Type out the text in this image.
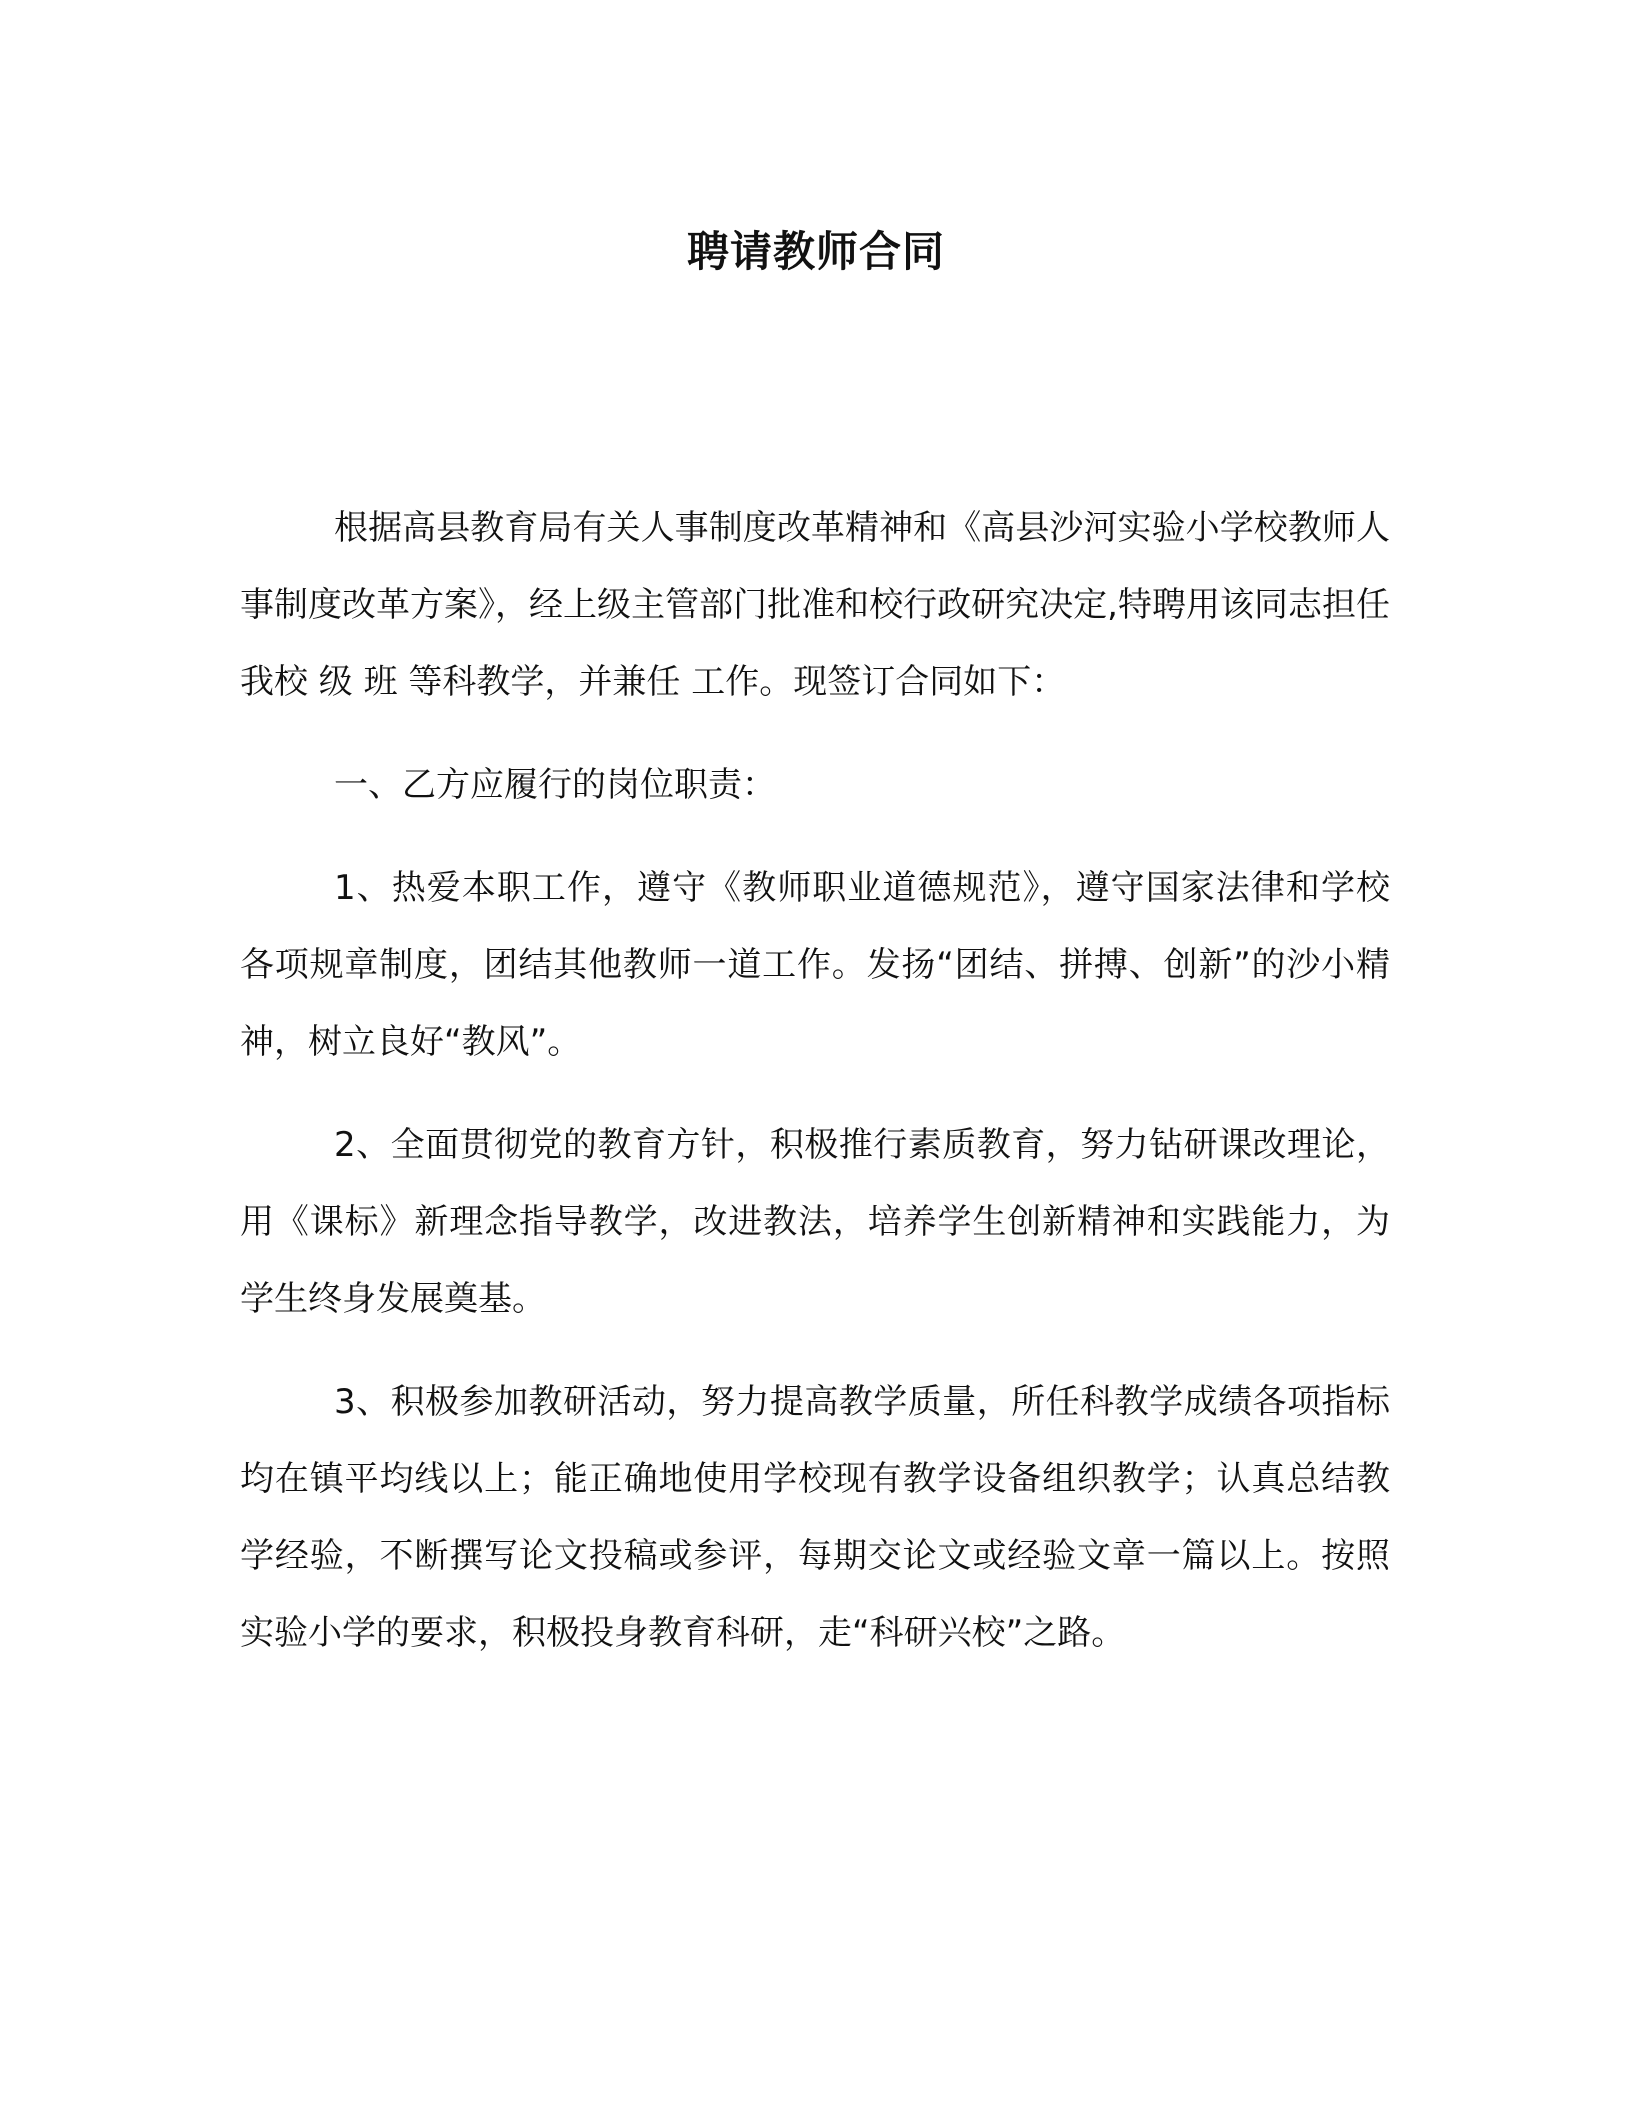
聘请教师合同

根据高县教育局有关人事制度改革精神和《高县沙河实验小学校教师人事制度改革方案》，经上级主管部门批准和校行政研究决定,特聘用该同志担任我校 级 班 等科教学，并兼任 工作。现签订合同如下：

一、乙方应履行的岗位职责：

1、热爱本职工作，遵守《教师职业道德规范》，遵守国家法律和学校各项规章制度，团结其他教师一道工作。发扬“团结、拼搏、创新”的沙小精神，树立良好“教风”。

2、全面贯彻党的教育方针，积极推行素质教育，努力钻研课改理论，用《课标》新理念指导教学，改进教法，培养学生创新精神和实践能力，为学生终身发展奠基。

3、积极参加教研活动，努力提高教学质量，所任科教学成绩各项指标均在镇平均线以上；能正确地使用学校现有教学设备组织教学；认真总结教学经验，不断撰写论文投稿或参评，每期交论文或经验文章一篇以上。按照实验小学的要求，积极投身教育科研，走“科研兴校”之路。
